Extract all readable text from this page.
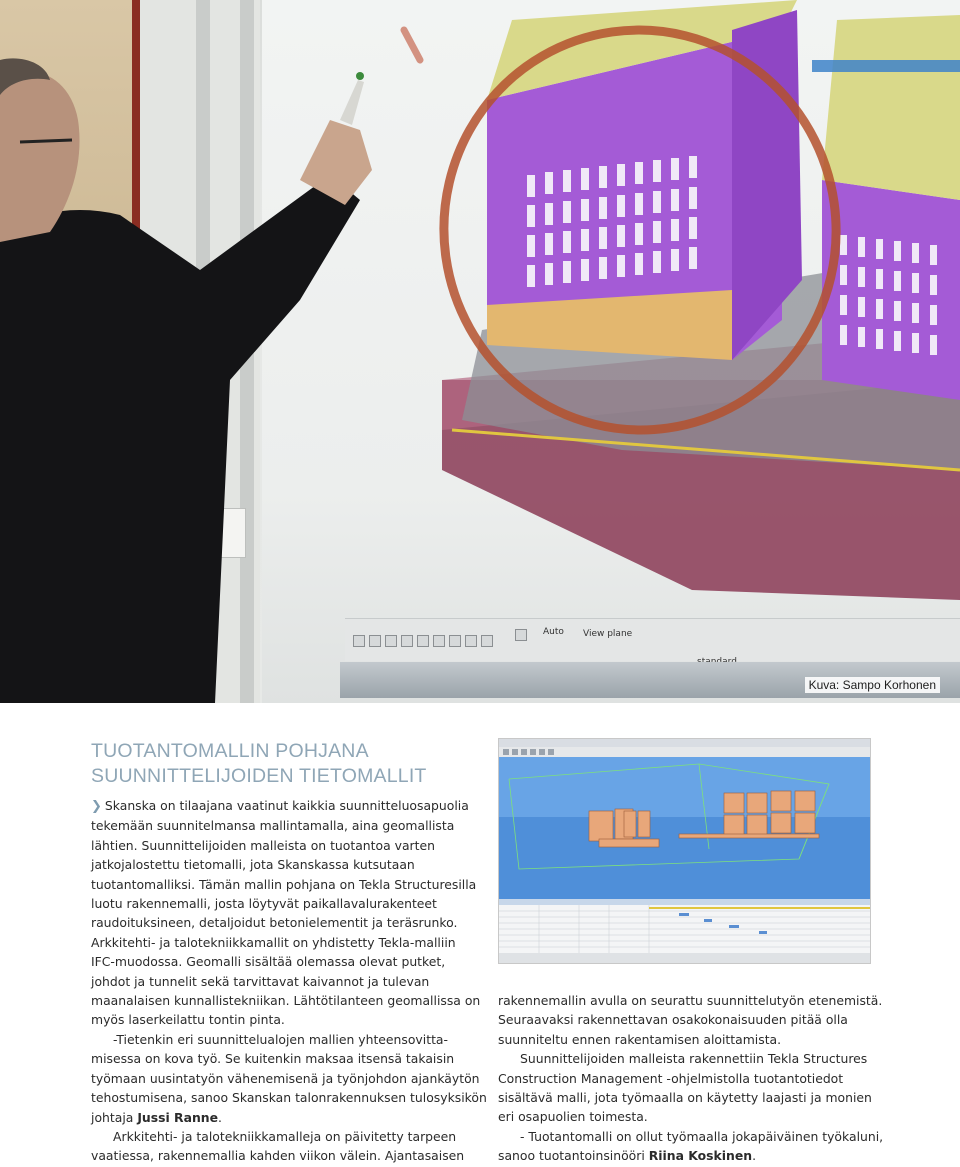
Auto View plane
Kuva: Sampo Korhonen
TUOTANTOMALLIN POHJANA
SUUNNITTELIJOIDEN TIETOMALLIT
❯ Skanska on tilaajana vaatinut kaikkia suunnitteluosapuolia
tekemään suunnitelmansa mallintamalla, aina geomallista
lähtien. Suunnittelijoiden malleista on tuotantoa varten
jatkojalostettu tietomalli, jota Skanskassa kutsutaan
tuotantomalliksi. Tämän mallin pohjana on Tekla Structuresilla
luotu rakennemalli, josta löytyvät paikallavalurakenteet
raudoituksineen, detaljoidut betonielementit ja teräsrunko.
Arkkitehti- ja talotekniikkamallit on yhdistetty Tekla-malliin
IFC-muodossa. Geomalli sisältää olemassa olevat putket,
johdot ja tunnelit sekä tarvittavat kaivannot ja tulevan
maanalaisen kunnallistekniikan. Lähtötilanteen geomallissa on
myös laserkeilattu tontin pinta.
-Tietenkin eri suunnittelualojen mallien yhteensovitta-
misessa on kova työ. Se kuitenkin maksaa itsensä takaisin
työmaan uusintatyön vähenemisenä ja työnjohdon ajankäytön
tehostumisena, sanoo Skanskan talonrakennuksen tulosyksikön
johtaja Jussi Ranne.
Arkkitehti- ja talotekniikkamalleja on päivitetty tarpeen
vaatiessa, rakennemallia kahden viikon välein. Ajantasaisen
rakennemallin avulla on seurattu suunnittelutyön etenemistä.
Seuraavaksi rakennettavan osakokonaisuuden pitää olla
suunniteltu ennen rakentamisen aloittamista.
Suunnittelijoiden malleista rakennettiin Tekla Structures
Construction Management -ohjelmistolla tuotantotiedot
sisältävä malli, jota työmaalla on käytetty laajasti ja monien
eri osapuolien toimesta.
- Tuotantomalli on ollut työmaalla jokapäiväinen työkaluni,
sanoo tuotantoinsinööri Riina Koskinen.
